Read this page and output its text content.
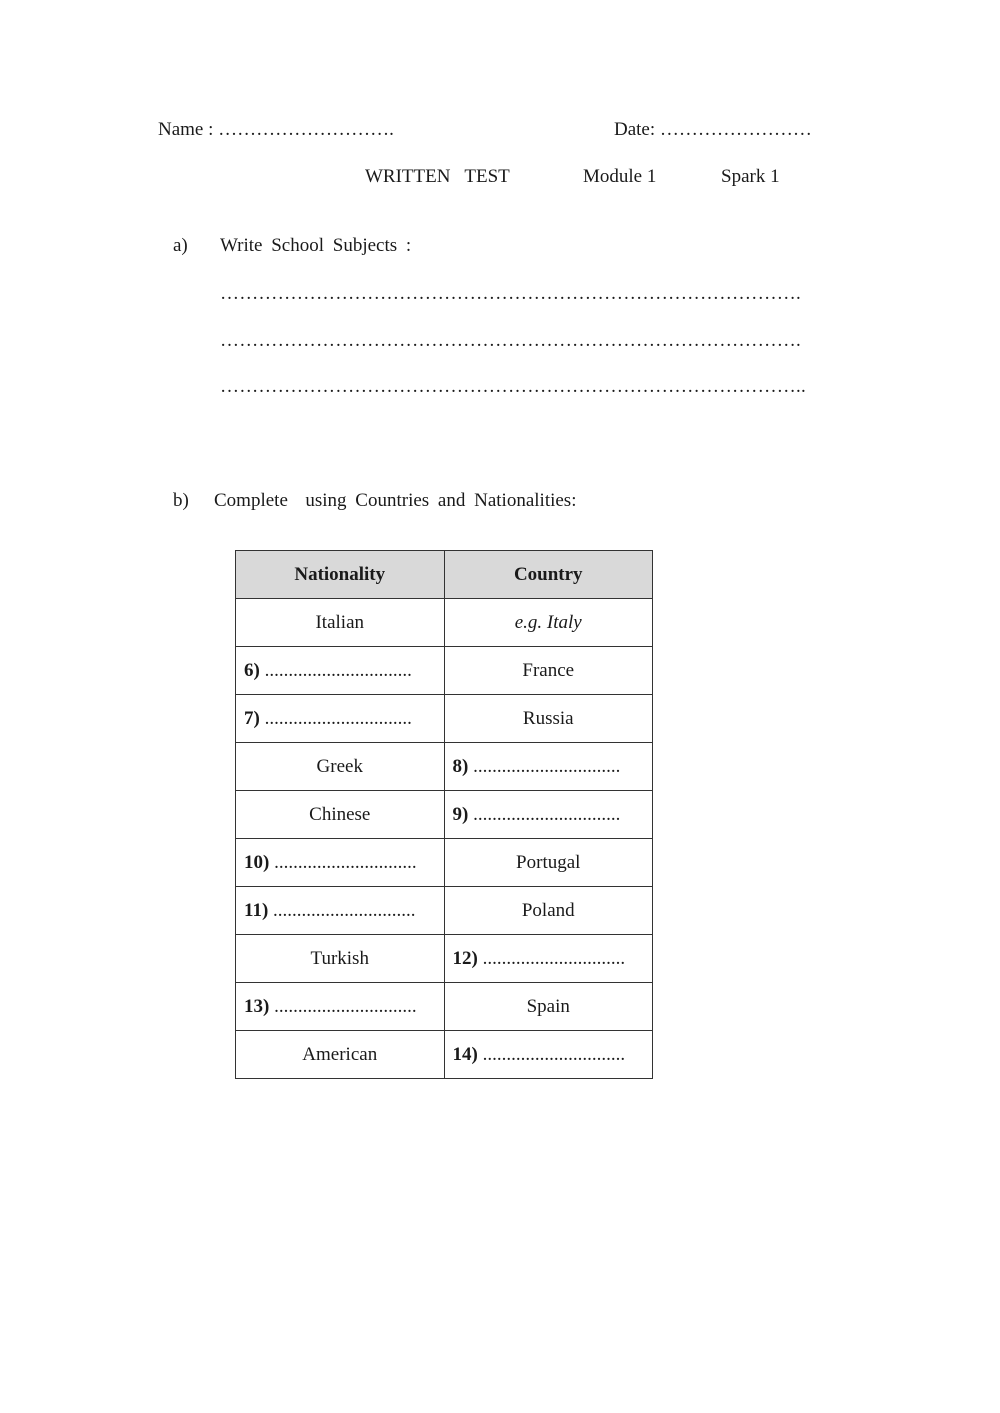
Name : ……………………….	Date: ……………………
WRITTEN   TEST	Module 1	Spark 1
a) Write School Subjects :
……………………………………………………………………………….
……………………………………………………………………………….
………………………………………………………………………………..
b) Complete  using Countries and Nationalities:
Nationality	Country
Italian	e.g. Italy
6) ...............................	France
7) ...............................	Russia
Greek	8) ...............................
Chinese	9) ...............................
10) ..............................	Portugal
11) ..............................	Poland
Turkish	12) ..............................
13) ..............................	Spain
American	14) ..............................
